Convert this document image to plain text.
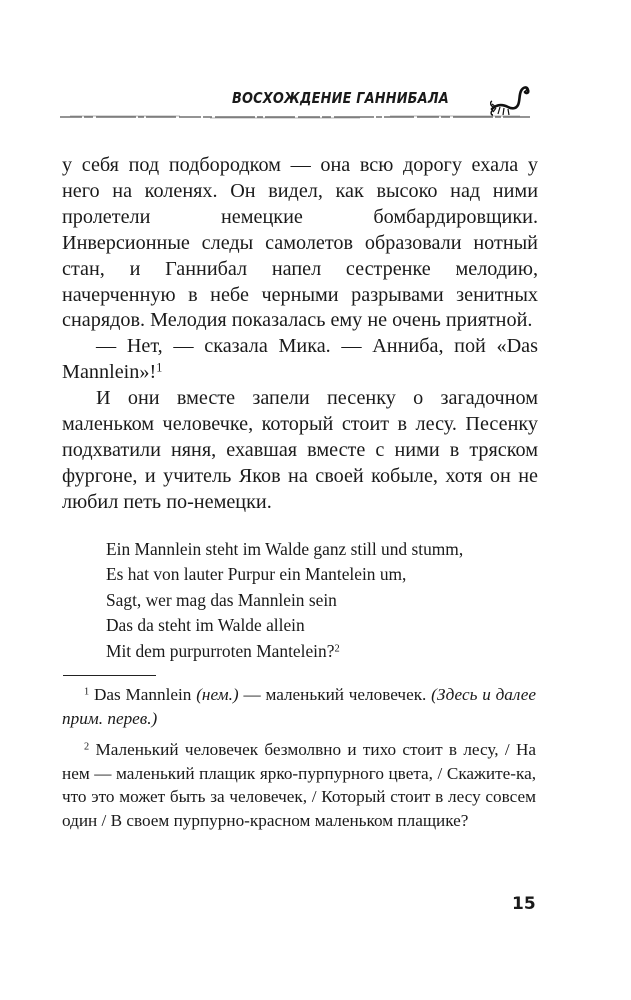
ВОСХОЖДЕНИЕ ГАННИБАЛА

у себя под подбородком — она всю дорогу ехала у него на коленях. Он видел, как высоко над ними пролетели немецкие бомбардировщики. Инверсионные следы самолетов образовали нотный стан, и Ганнибал напел сестренке мелодию, начерченную в небе черными разрывами зенитных снарядов. Мелодия показалась ему не очень приятной.

— Нет, — сказала Мика. — Анниба, пой «Das Mannlein»!$^1$

И они вместе запели песенку о загадочном маленьком человечке, который стоит в лесу. Песенку подхватили няня, ехавшая вместе с ними в тряском фургоне, и учитель Яков на своей кобыле, хотя он не любил петь по-немецки.

Ein Mannlein steht im Walde ganz still und stumm,
Es hat von lauter Purpur ein Mantelein um,
Sagt, wer mag das Mannlein sein
Das da steht im Walde allein
Mit dem purpurroten Mantelein?$^2$

$^1$ Das Mannlein (нем.) — маленький человечек. (Здесь и далее прим. перев.)

$^2$ Маленький человечек безмолвно и тихо стоит в лесу, / На нем — маленький плащик ярко-пурпурного цвета, / Скажите-ка, что это может быть за человечек, / Который стоит в лесу совсем один / В своем пурпурно-красном маленьком плащике?

15
